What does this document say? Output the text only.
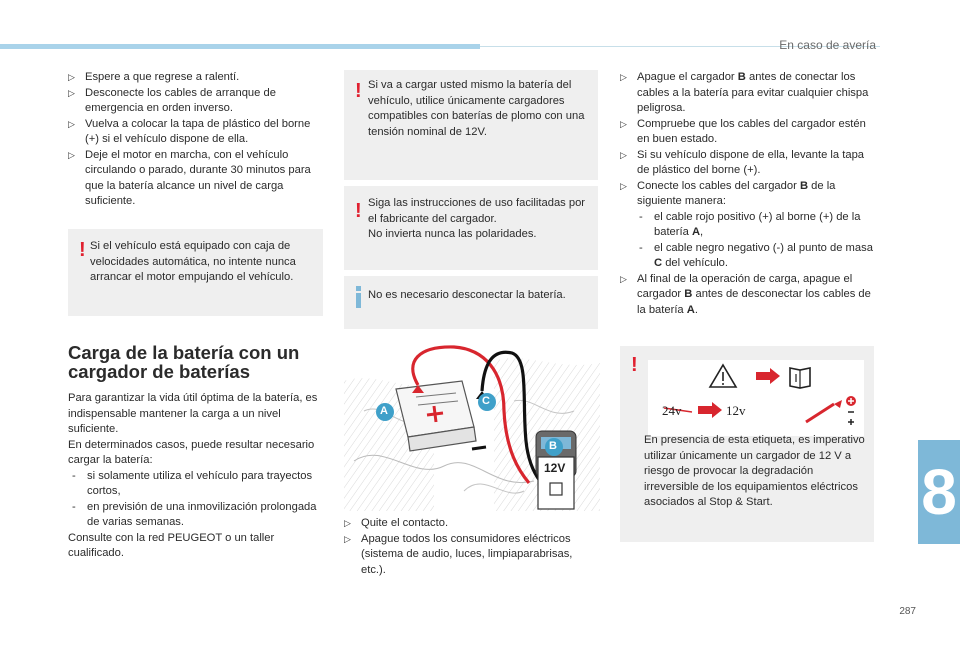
En caso de avería
8
287
▷ Espere a que regrese a ralentí.
▷ Desconecte los cables de arranque de emergencia en orden inverso.
▷ Vuelva a colocar la tapa de plástico del borne (+) si el vehículo dispone de ella.
▷ Deje el motor en marcha, con el vehículo circulando o parado, durante 30 minutos para que la batería alcance un nivel de carga suficiente.
! Si el vehículo está equipado con caja de velocidades automática, no intente nunca arrancar el motor empujando el vehículo.

Carga de la batería con un cargador de baterías

Para garantizar la vida útil óptima de la batería, es indispensable mantener la carga a un nivel suficiente.

En determinados casos, puede resultar necesario cargar la batería:

- si solamente utiliza el vehículo para trayectos cortos,
- en previsión de una inmovilización prolongada de varias semanas.

Consulte con la red PEUGEOT o un taller cualificado.

! Si va a cargar usted mismo la batería del vehículo, utilice únicamente cargadores compatibles con baterías de plomo con una tensión nominal de 12V.

! Siga las instrucciones de uso facilitadas por el fabricante del cargador.

No invierta nunca las polaridades.

No es necesario desconectar la batería.

A
C
B
12V
▷ Quite el contacto.
▷ Apague todos los consumidores eléctricos (sistema de audio, luces, limpiaparabrisas, etc.).
▷ Apague el cargador B antes de conectar los cables a la batería para evitar cualquier chispa peligrosa.
▷ Compruebe que los cables del cargador estén en buen estado.
▷ Si su vehículo dispone de ella, levante la tapa de plástico del borne (+).
▷ Conecte los cables del cargador B de la siguiente manera:
- el cable rojo positivo (+) al borne (+) de la batería A,
- el cable negro negativo (-) al punto de masa C del vehículo.
▷ Al final de la operación de carga, apague el cargador B antes de desconectar los cables de la batería A.
!
24v	12v

En presencia de esta etiqueta, es imperativo utilizar únicamente un cargador de 12 V a riesgo de provocar la degradación irreversible de los equipamientos eléctricos asociados al Stop & Start.
